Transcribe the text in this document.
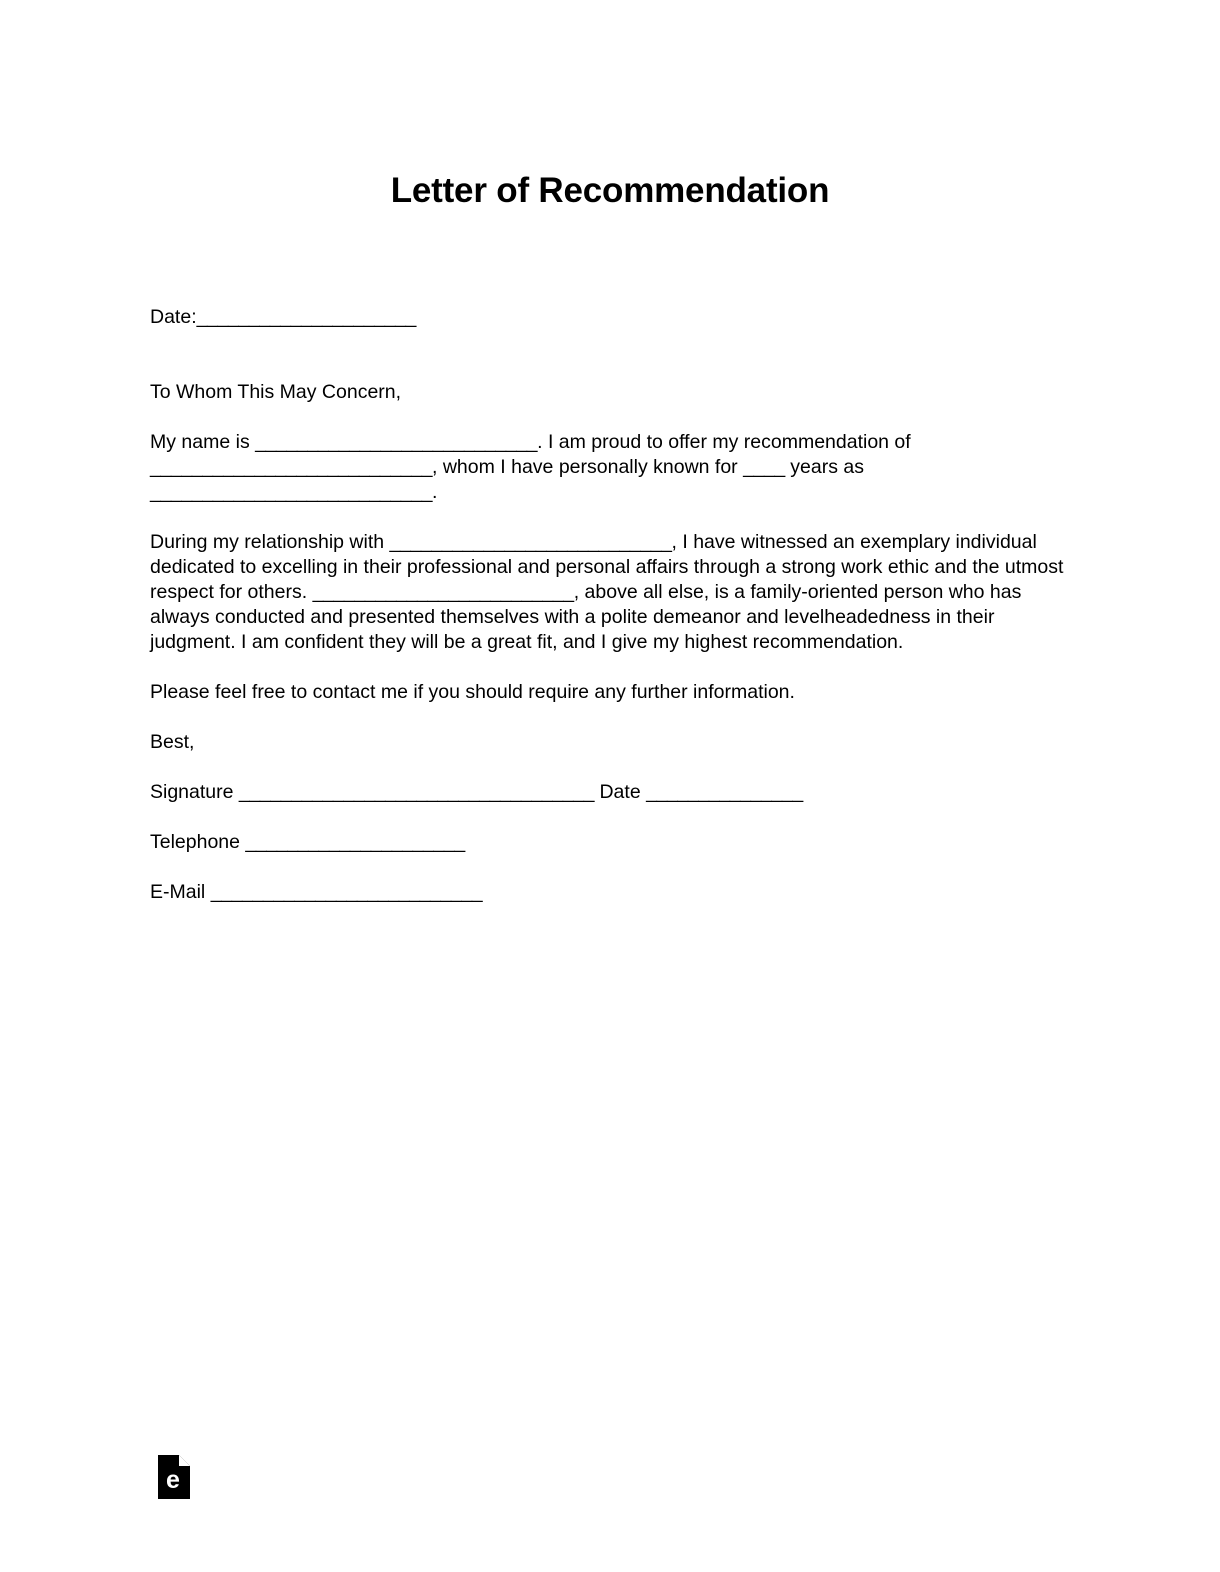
Letter of Recommendation

Date:_____________________

To Whom This May Concern,

My name is ___________________________. I am proud to offer my recommendation of ___________________________, whom I have personally known for ____ years as ___________________________.

During my relationship with ___________________________, I have witnessed an exemplary individual dedicated to excelling in their professional and personal affairs through a strong work ethic and the utmost respect for others. _________________________, above all else, is a family-oriented person who has always conducted and presented themselves with a polite demeanor and levelheadedness in their judgment. I am confident they will be a great fit, and I give my highest recommendation.

Please feel free to contact me if you should require any further information.

Best,

Signature __________________________________ Date _______________

Telephone _____________________

E-Mail __________________________

e
